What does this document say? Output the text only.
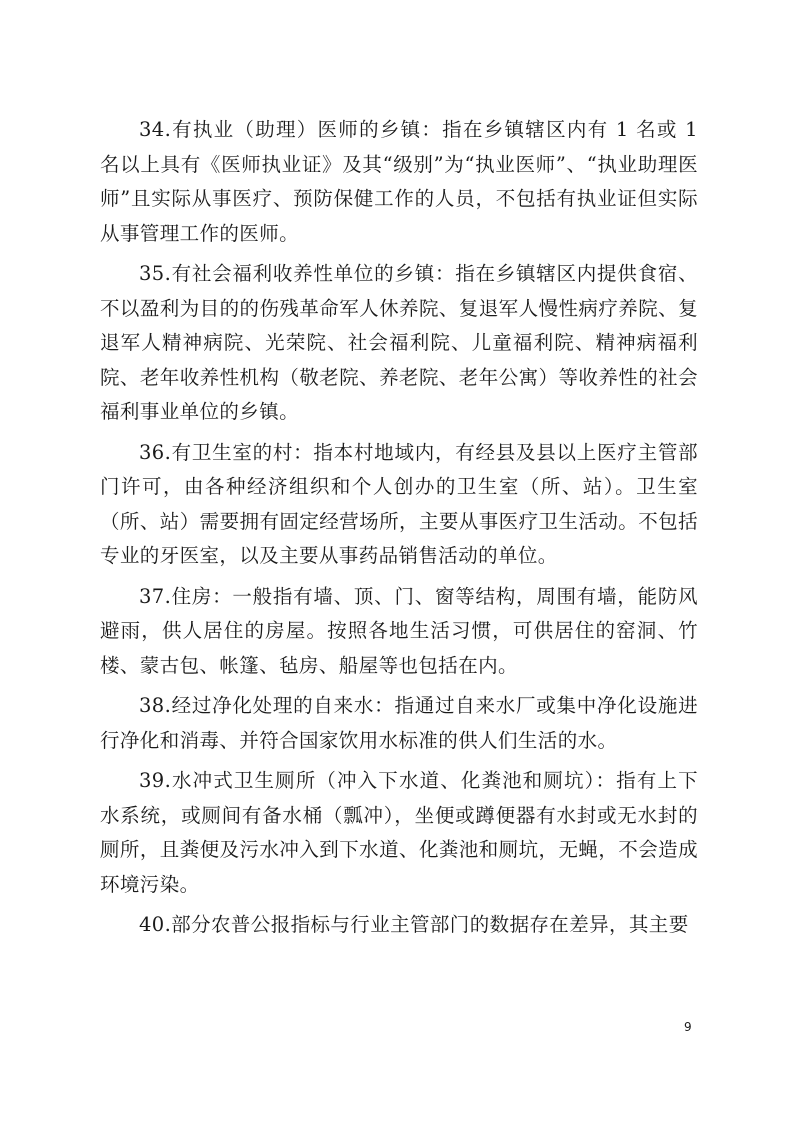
34.有执业（助理）医师的乡镇：指在乡镇辖区内有 1 名或 1 名以上具有《医师执业证》及其“级别”为“执业医师”、“执业助理医师”且实际从事医疗、预防保健工作的人员，不包括有执业证但实际从事管理工作的医师。

35.有社会福利收养性单位的乡镇：指在乡镇辖区内提供食宿、不以盈利为目的的伤残革命军人休养院、复退军人慢性病疗养院、复退军人精神病院、光荣院、社会福利院、儿童福利院、精神病福利院、老年收养性机构（敬老院、养老院、老年公寓）等收养性的社会福利事业单位的乡镇。

36.有卫生室的村：指本村地域内，有经县及县以上医疗主管部门许可，由各种经济组织和个人创办的卫生室（所、站）。卫生室（所、站）需要拥有固定经营场所，主要从事医疗卫生活动。不包括专业的牙医室，以及主要从事药品销售活动的单位。

37.住房：一般指有墙、顶、门、窗等结构，周围有墙，能防风避雨，供人居住的房屋。按照各地生活习惯，可供居住的窑洞、竹楼、蒙古包、帐篷、毡房、船屋等也包括在内。

38.经过净化处理的自来水：指通过自来水厂或集中净化设施进行净化和消毒、并符合国家饮用水标准的供人们生活的水。

39.水冲式卫生厕所（冲入下水道、化粪池和厕坑）：指有上下水系统，或厕间有备水桶（瓢冲），坐便或蹲便器有水封或无水封的厕所，且粪便及污水冲入到下水道、化粪池和厕坑，无蝇，不会造成环境污染。

40.部分农普公报指标与行业主管部门的数据存在差异，其主要

9
